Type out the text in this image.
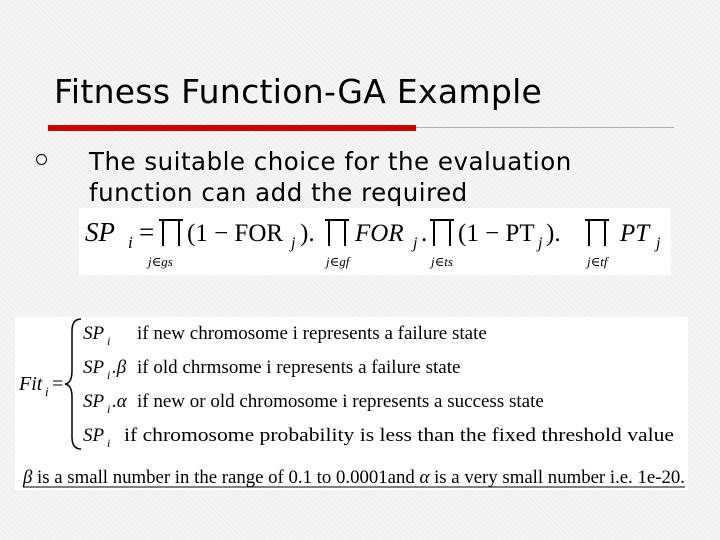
Fitness Function-GA Example
The suitable choice for the evaluation
function can add the required
SP i =
j∈gs
(1 − FOR j ).
j∈gf
FOR j .
j∈ts
(1 − PT j ).
j∈tf
PT j
Fit i =
SP i if new chromosome i represents a failure state
SP i .β if old chrmsome i represents a failure state
SP i .α if new or old chromosome i represents a success state
SP i if chromosome probability is less than the fixed threshold value
β is a small number in the range of 0.1 to 0.0001and α is a very small number i.e. 1e-20.
